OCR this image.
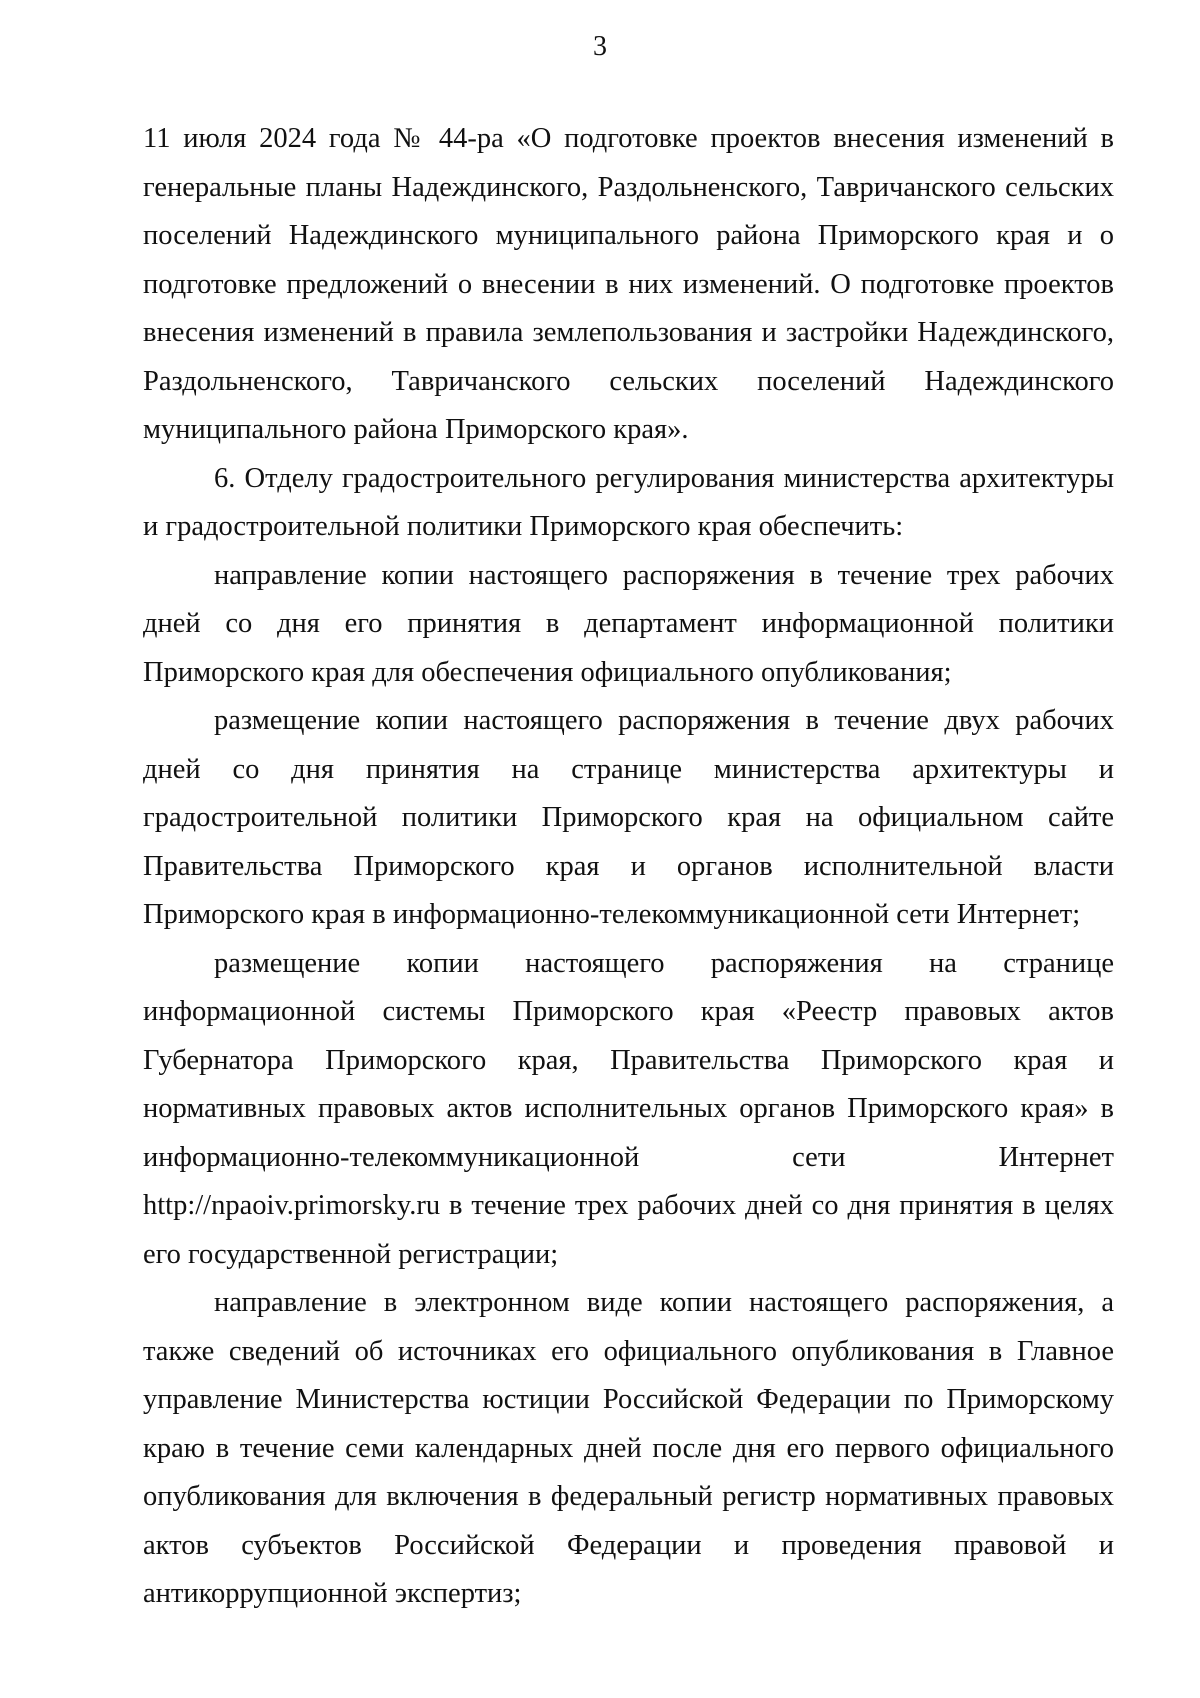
3

11 июля 2024 года № 44-ра «О подготовке проектов внесения изменений в генеральные планы Надеждинского, Раздольненского, Тавричанского сельских поселений Надеждинского муниципального района Приморского края и о подготовке предложений о внесении в них изменений. О подготовке проектов внесения изменений в правила землепользования и застройки Надеждинского, Раздольненского, Тавричанского сельских поселений Надеждинского муниципального района Приморского края».

6. Отделу градостроительного регулирования министерства архитектуры и градостроительной политики Приморского края обеспечить:

направление копии настоящего распоряжения в течение трех рабочих дней со дня его принятия в департамент информационной политики Приморского края для обеспечения официального опубликования;

размещение копии настоящего распоряжения в течение двух рабочих дней со дня принятия на странице министерства архитектуры и градостроительной политики Приморского края на официальном сайте Правительства Приморского края и органов исполнительной власти Приморского края в информационно-телекоммуникационной сети Интернет;

размещение копии настоящего распоряжения на странице информационной системы Приморского края «Реестр правовых актов Губернатора Приморского края, Правительства Приморского края и нормативных правовых актов исполнительных органов Приморского края» в информационно-телекоммуникационной сети Интернет http://npaoiv.primorsky.ru в течение трех рабочих дней со дня принятия в целях его государственной регистрации;

направление в электронном виде копии настоящего распоряжения, а также сведений об источниках его официального опубликования в Главное управление Министерства юстиции Российской Федерации по Приморскому краю в течение семи календарных дней после дня его первого официального опубликования для включения в федеральный регистр нормативных правовых актов субъектов Российской Федерации и проведения правовой и антикоррупционной экспертиз;
